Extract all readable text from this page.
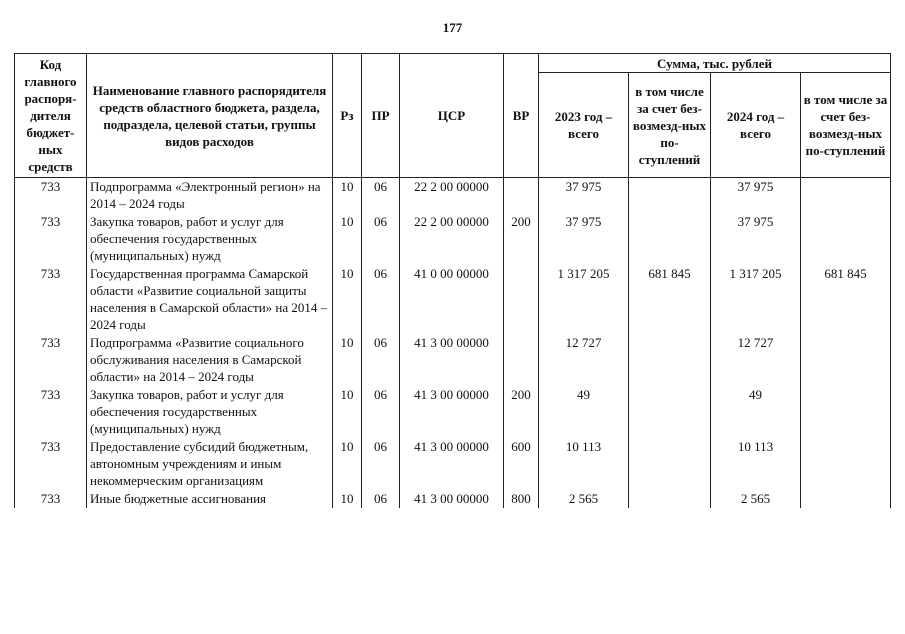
177
Код главного распоря-дителя бюджет-ных средств	Наименование главного распорядителя средств областного бюджета, раздела, подраздела, целевой статьи, группы видов расходов	Рз	ПР	ЦСР	ВР	Сумма, тыс. рублей			
						2023 год – всего	в том числе за счет без-возмезд-ных по-ступлений	2024 год – всего	в том числе за счет без-возмезд-ных по-ступлений
733	Подпрограмма «Электронный регион» на 2014 – 2024 годы	10	06	22 2 00 00000		37 975		37 975	
733	Закупка товаров, работ и услуг для обеспечения государственных (муниципальных) нужд	10	06	22 2 00 00000	200	37 975		37 975	
733	Государственная программа Самарской области «Развитие социальной защиты населения в Самарской области» на 2014 – 2024 годы	10	06	41 0 00 00000		1 317 205	681 845	1 317 205	681 845
733	Подпрограмма «Развитие социального обслуживания населения в Самарской области» на 2014 – 2024 годы	10	06	41 3 00 00000		12 727		12 727	
733	Закупка товаров, работ и услуг для обеспечения государственных (муниципальных) нужд	10	06	41 3 00 00000	200	49		49	
733	Предоставление субсидий бюджетным, автономным учреждениям и иным некоммерческим организациям	10	06	41 3 00 00000	600	10 113		10 113	
733	Иные бюджетные ассигнования	10	06	41 3 00 00000	800	2 565		2 565	
